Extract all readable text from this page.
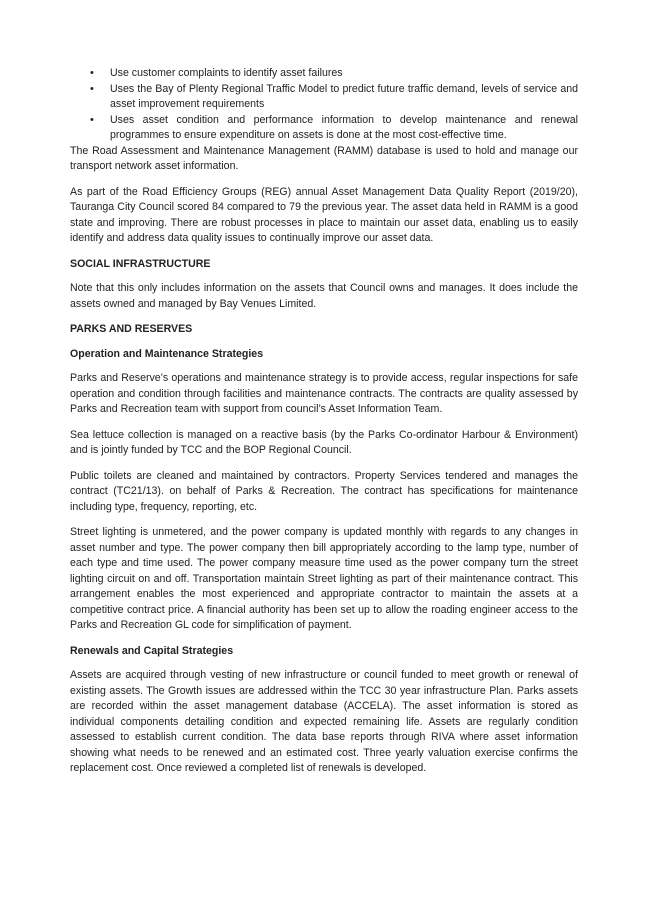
• Use customer complaints to identify asset failures
• Uses the Bay of Plenty Regional Traffic Model to predict future traffic demand, levels of service and asset improvement requirements
• Uses asset condition and performance information to develop maintenance and renewal programmes to ensure expenditure on assets is done at the most cost-effective time.

The Road Assessment and Maintenance Management (RAMM) database is used to hold and manage our transport network asset information.

As part of the Road Efficiency Groups (REG) annual Asset Management Data Quality Report (2019/20), Tauranga City Council scored 84 compared to 79 the previous year. The asset data held in RAMM is a good state and improving. There are robust processes in place to maintain our asset data, enabling us to easily identify and address data quality issues to continually improve our asset data.

SOCIAL INFRASTRUCTURE

Note that this only includes information on the assets that Council owns and manages. It does include the assets owned and managed by Bay Venues Limited.

PARKS AND RESERVES
Operation and Maintenance Strategies

Parks and Reserve’s operations and maintenance strategy is to provide access, regular inspections for safe operation and condition through facilities and maintenance contracts. The contracts are quality assessed by Parks and Recreation team with support from council’s Asset Information Team.

Sea lettuce collection is managed on a reactive basis (by the Parks Co-ordinator Harbour & Environment) and is jointly funded by TCC and the BOP Regional Council.

Public toilets are cleaned and maintained by contractors. Property Services tendered and manages the contract (TC21/13). on behalf of Parks & Recreation. The contract has specifications for maintenance including type, frequency, reporting, etc.

Street lighting is unmetered, and the power company is updated monthly with regards to any changes in asset number and type. The power company then bill appropriately according to the lamp type, number of each type and time used. The power company measure time used as the power company turn the street lighting circuit on and off. Transportation maintain Street lighting as part of their maintenance contract. This arrangement enables the most experienced and appropriate contractor to maintain the assets at a competitive contract price. A financial authority has been set up to allow the roading engineer access to the Parks and Recreation GL code for simplification of payment.

Renewals and Capital Strategies

Assets are acquired through vesting of new infrastructure or council funded to meet growth or renewal of existing assets. The Growth issues are addressed within the TCC 30 year infrastructure Plan. Parks assets are recorded within the asset management database (ACCELA). The asset information is stored as individual components detailing condition and expected remaining life. Assets are regularly condition assessed to establish current condition. The data base reports through RIVA where asset information showing what needs to be renewed and an estimated cost. Three yearly valuation exercise confirms the replacement cost. Once reviewed a completed list of renewals is developed.
